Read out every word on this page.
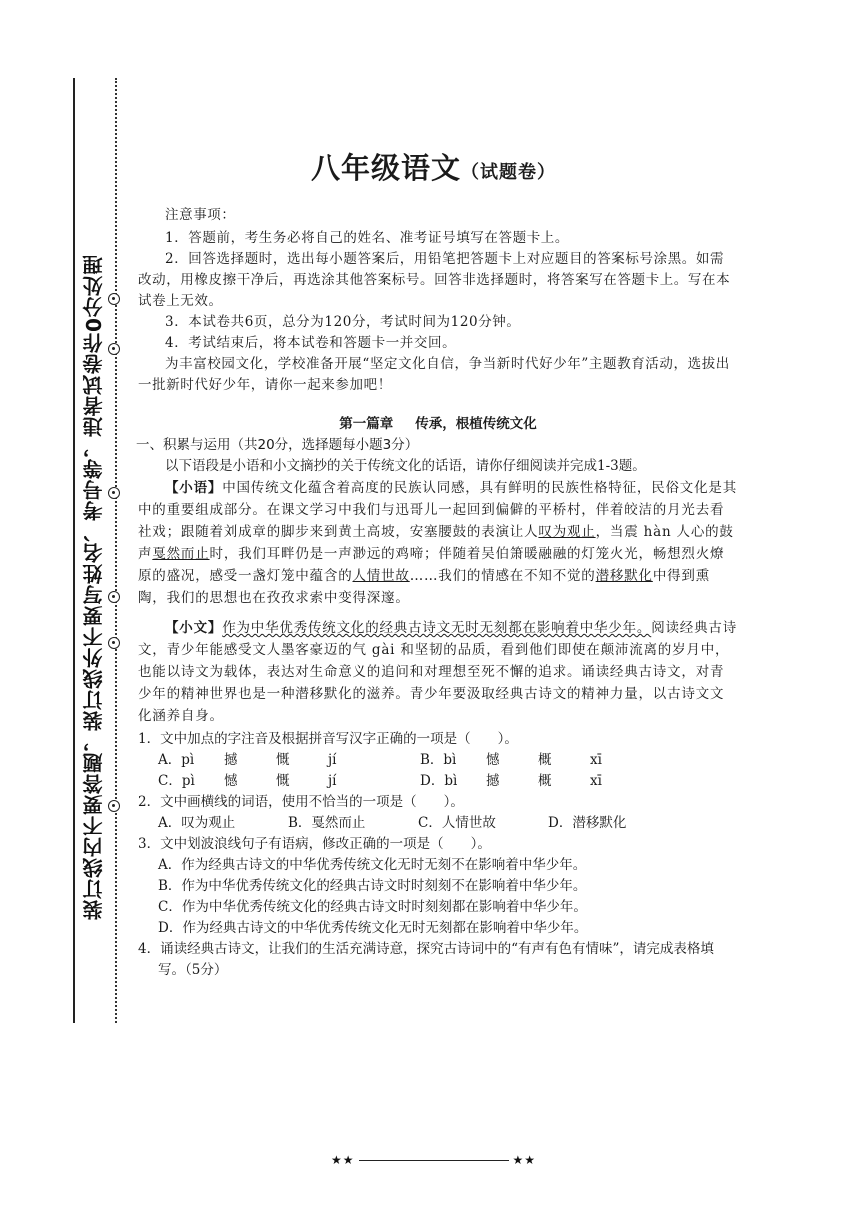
装订线内不要答题，装订线外不要写姓名、考号等，违者试卷作0分处理
八年级语文（试题卷）

注意事项：

1．答题前，考生务必将自己的姓名、准考证号填写在答题卡上。

2．回答选择题时，选出每小题答案后，用铅笔把答题卡上对应题目的答案标号涂黑。如需改动，用橡皮擦干净后，再选涂其他答案标号。回答非选择题时，将答案写在答题卡上。写在本试卷上无效。

3．本试卷共6页，总分为120分，考试时间为120分钟。

4．考试结束后，将本试卷和答题卡一并交回。

为丰富校园文化，学校准备开展“坚定文化自信，争当新时代好少年”主题教育活动，选拔出一批新时代好少年，请你一起来参加吧！

第一篇章 传承，根植传统文化

一、积累与运用（共20分，选择题每小题3分）

以下语段是小语和小文摘抄的关于传统文化的话语，请你仔细阅读并完成1-3题。

【小语】中国传统文化蕴含着高度的民族认同感，具有鲜明的民族性格特征，民俗文化是其中的重要组成部分。在课文学习中我们与迅哥儿一起回到偏僻的平桥村，伴着皎洁的月光去看社戏；跟随着刘成章的脚步来到黄土高坡，安塞腰鼓的表演让人叹为观止，当震 hàn 人心的鼓声戛然而止时，我们耳畔仍是一声渺远的鸡啼；伴随着吴伯箫暖融融的灯笼火光，畅想烈火燎原的盛况，感受一盏灯笼中蕴含的人情世故……我们的情感在不知不觉的潜移默化中得到熏陶，我们的思想也在孜孜求索中变得深邃。

【小文】作为中华优秀传统文化的经典古诗文无时无刻都在影响着中华少年。阅读经典古诗文，青少年能感受文人墨客豪迈的气 gài 和坚韧的品质，看到他们即使在颠沛流离的岁月中，也能以诗文为载体，表达对生命意义的追问和对理想至死不懈的追求。诵读经典古诗文，对青少年的精神世界也是一种潜移默化的滋养。青少年要汲取经典古诗文的精神力量，以古诗文文化涵养自身。

1．文中加点的字注音及根据拼音写汉字正确的一项是（　　）。

A．pì	撼	慨	jí	B．bì	憾	概	xī
C．pì	憾	慨	jí	D．bì	撼	概	xī

2．文中画横线的词语，使用不恰当的一项是（　　）。

A．叹为观止	B．戛然而止	C．人情世故	D．潜移默化

3．文中划波浪线句子有语病，修改正确的一项是（　　）。

A．作为经典古诗文的中华优秀传统文化无时无刻不在影响着中华少年。

B．作为中华优秀传统文化的经典古诗文时时刻刻不在影响着中华少年。

C．作为中华优秀传统文化的经典古诗文时时刻刻都在影响着中华少年。

D．作为经典古诗文的中华优秀传统文化无时无刻都在影响着中华少年。

4．诵读经典古诗文，让我们的生活充满诗意，探究古诗词中的“有声有色有情味”，请完成表格填写。（5分）

★★	★★
